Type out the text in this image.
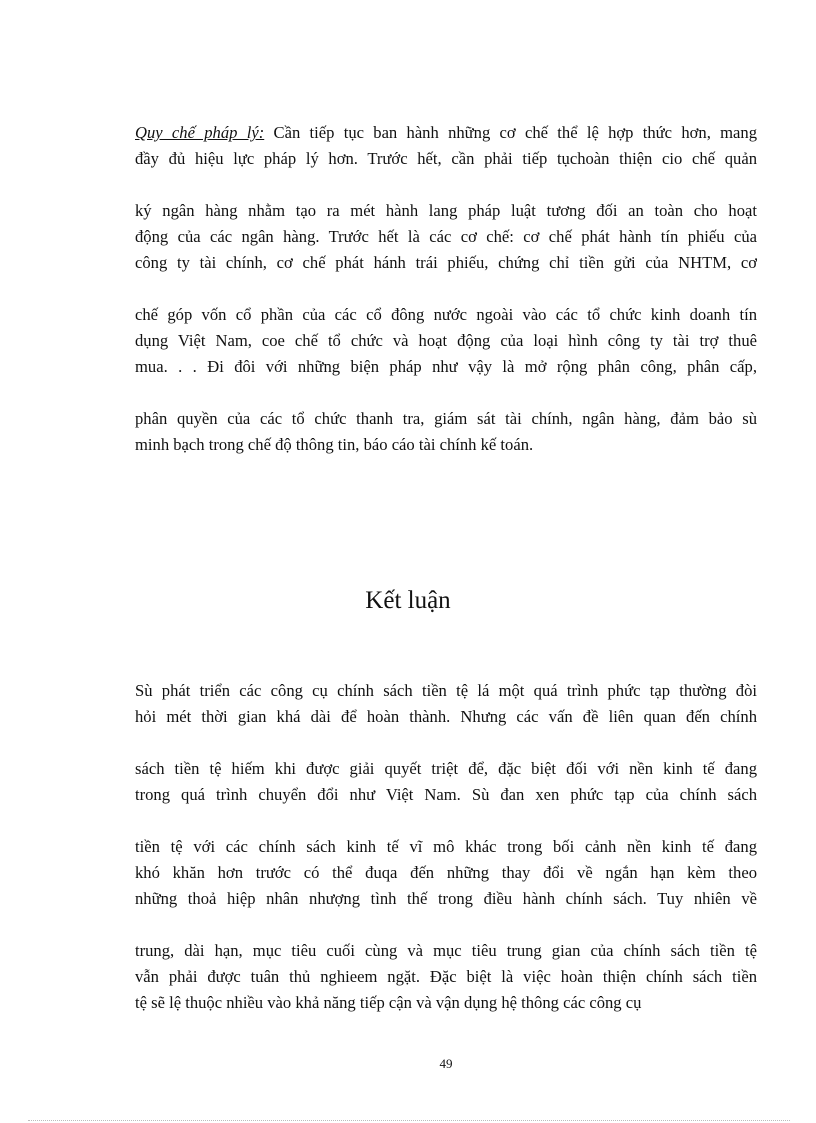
Quy chế pháp lý: Cần tiếp tục ban hành những cơ chế thể lệ hợp thức hơn, mang
đầy đủ hiệu lực pháp lý hơn. Trước hết, cần phải tiếp tụchoàn thiện cio chế quản
ký ngân hàng nhằm tạo ra mét hành lang pháp luật tương đối an toàn cho hoạt
động của các ngân hàng. Trước hết là các cơ chế: cơ chế phát hành tín phiếu của
công ty tài chính, cơ chế phát hánh trái phiếu, chứng chỉ tiền gửi của NHTM, cơ
chế góp vốn cổ phần của các cổ đông nước ngoài vào các tổ chức kinh doanh tín
dụng Việt Nam, coe chế tổ chức và hoạt động của loại hình công ty tài trợ thuê
mua. . . Đi đôi với những biện pháp như vậy là mở rộng phân công, phân cấp,
phân quyền của các tổ chức thanh tra, giám sát tài chính, ngân hàng, đảm bảo sù
minh bạch trong chế độ thông tin, báo cáo tài chính kế toán.
Kết luận
Sù phát triển các công cụ chính sách tiền tệ lá một quá trình phức tạp thường đòi
hỏi mét thời gian khá dài để hoàn thành. Nhưng các vấn đề liên quan đến chính
sách tiền tệ hiếm khi được giải quyết triệt để, đặc biệt đối với nền kinh tế đang
trong quá trình chuyển đổi như Việt Nam. Sù đan xen phức tạp của chính sách
tiền tệ với các chính sách kinh tế vĩ mô khác trong bối cảnh nền kinh tế đang
khó khăn hơn trước có thể đuqa đến những thay đổi về ngắn hạn kèm theo
những thoả hiệp nhân nhượng tình thế trong điều hành chính sách. Tuy nhiên về
trung, dài hạn, mục tiêu cuối cùng và mục tiêu trung gian của chính sách tiền tệ
vẫn phải được tuân thủ nghieem ngặt. Đặc biệt là việc hoàn thiện chính sách tiền
tệ sẽ lệ thuộc nhiều vào khả năng tiếp cận và vận dụng hệ thông các công cụ
49
